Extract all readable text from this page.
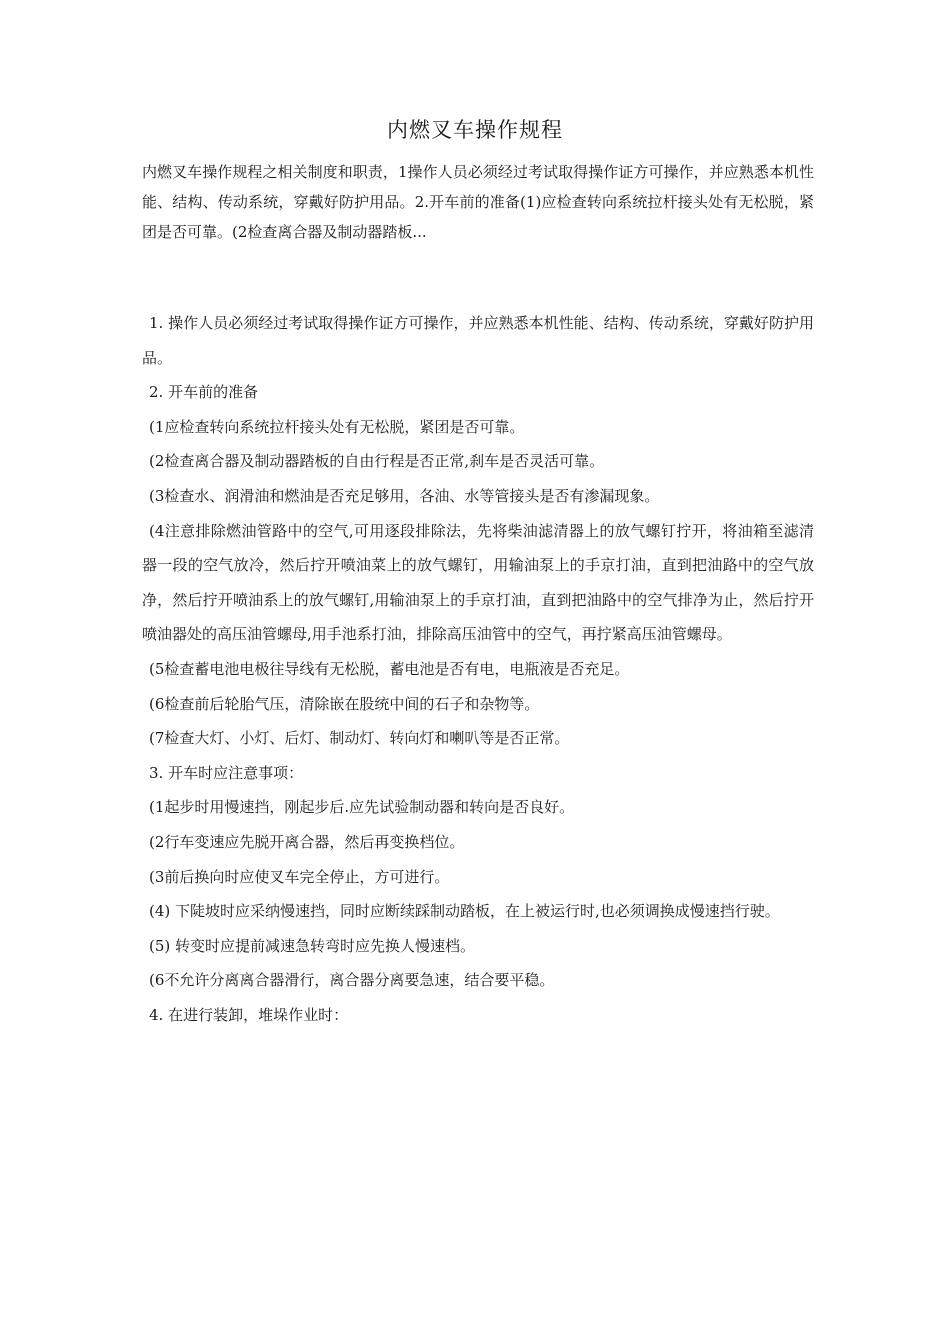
内燃叉车操作规程

内燃叉车操作规程之相关制度和职责，1操作人员必须经过考试取得操作证方可操作，并应熟悉本机性能、结构、传动系统，穿戴好防护用品。2.开车前的准备(1)应检查转向系统拉杆接头处有无松脱，紧团是否可靠。(2检查离合器及制动器踏板...

1. 操作人员必须经过考试取得操作证方可操作，并应熟悉本机性能、结构、传动系统，穿戴好防护用品。

2. 开车前的准备

(1应检查转向系统拉杆接头处有无松脱，紧团是否可靠。

(2检查离合器及制动器踏板的自由行程是否正常,刹车是否灵活可靠。

(3检查水、润滑油和燃油是否充足够用，各油、水等管接头是否有渗漏现象。

(4注意排除燃油管路中的空气,可用逐段排除法，先将柴油滤清器上的放气螺钉拧开，将油箱至滤清器一段的空气放冷，然后拧开喷油菜上的放气螺钉，用输油泵上的手京打油，直到把油路中的空气放净，然后拧开喷油系上的放气螺钉,用输油泵上的手京打油，直到把油路中的空气排净为止，然后拧开喷油器处的高压油管螺母,用手池系打油，排除高压油管中的空气，再拧紧高压油管螺母。

(5检查蓄电池电极往导线有无松脱，蓄电池是否有电，电瓶液是否充足。

(6检查前后轮胎气压，清除嵌在股统中间的石子和杂物等。

(7检查大灯、小灯、后灯、制动灯、转向灯和喇叭等是否正常。

3. 开车时应注意事项：

(1起步时用慢速挡，刚起步后.应先试验制动器和转向是否良好。

(2行车变速应先脱开离合器，然后再变换档位。

(3前后换向时应使叉车完全停止，方可进行。

(4) 下陡坡时应采纳慢速挡，同时应断续踩制动踏板，在上被运行时,也必须调换成慢速挡行驶。

(5) 转变时应提前减速急转弯时应先换人慢速档。

(6不允许分离离合器滑行，离合器分离要急速，结合要平稳。

4. 在进行装卸，堆垛作业时：
